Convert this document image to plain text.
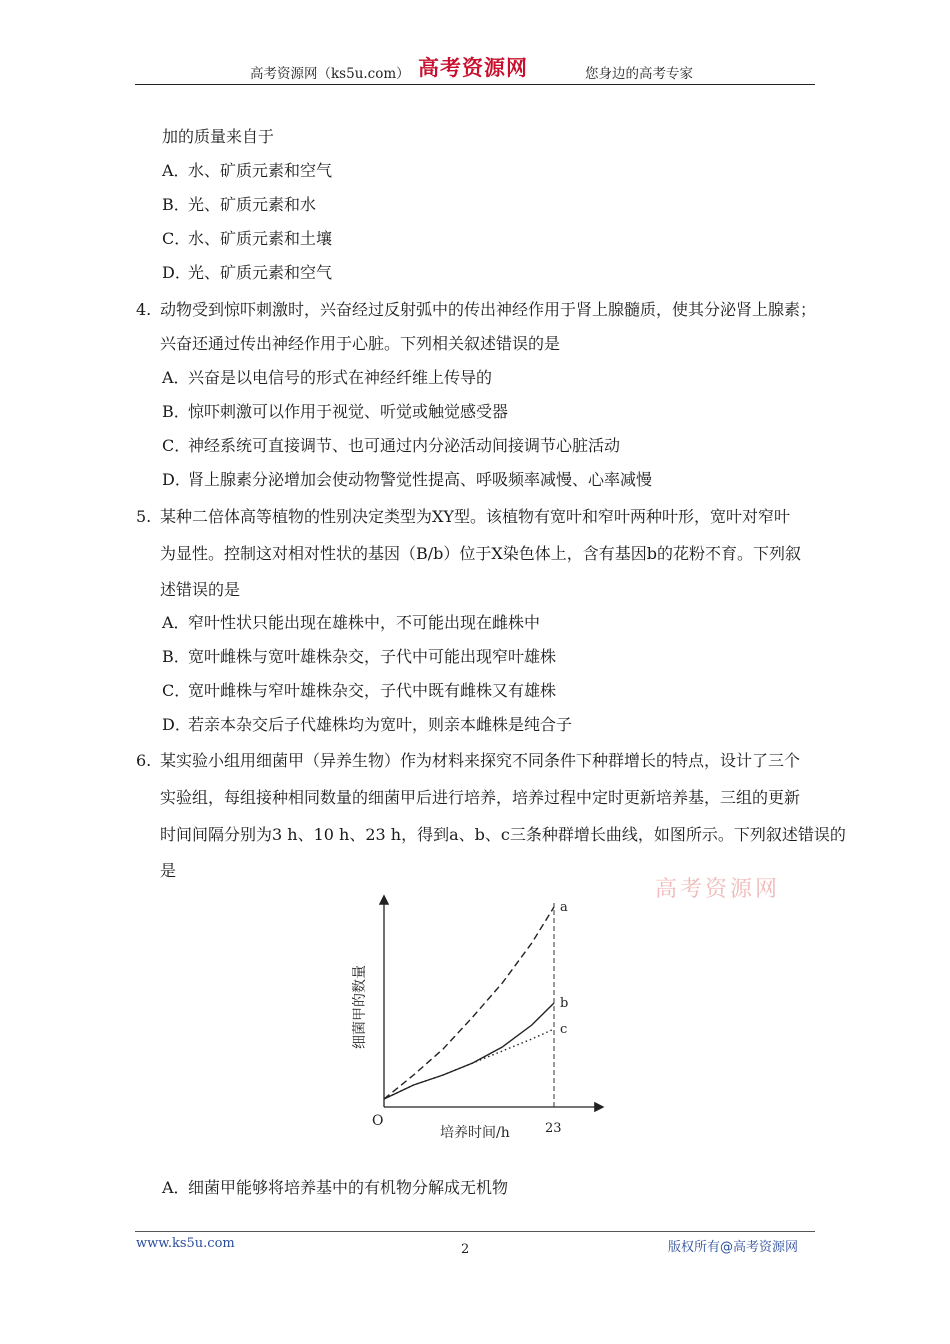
高考资源网（ks5u.com） 高考资源网	您身边的高考专家
加的质量来自于
A．水、矿质元素和空气
B．光、矿质元素和水
C．水、矿质元素和土壤
D．光、矿质元素和空气
4. 动物受到惊吓刺激时，兴奋经过反射弧中的传出神经作用于肾上腺髓质，使其分泌肾上腺素；
兴奋还通过传出神经作用于心脏。下列相关叙述错误的是
A．兴奋是以电信号的形式在神经纤维上传导的
B．惊吓刺激可以作用于视觉、听觉或触觉感受器
C．神经系统可直接调节、也可通过内分泌活动间接调节心脏活动
D．肾上腺素分泌增加会使动物警觉性提高、呼吸频率减慢、心率减慢
5. 某种二倍体高等植物的性别决定类型为XY型。该植物有宽叶和窄叶两种叶形，宽叶对窄叶
为显性。控制这对相对性状的基因（B/b）位于X染色体上，含有基因b的花粉不育。下列叙
述错误的是
A．窄叶性状只能出现在雄株中，不可能出现在雌株中
B．宽叶雌株与宽叶雄株杂交，子代中可能出现窄叶雄株
C．宽叶雌株与窄叶雄株杂交，子代中既有雌株又有雄株
D．若亲本杂交后子代雄株均为宽叶，则亲本雌株是纯合子
6. 某实验小组用细菌甲（异养生物）作为材料来探究不同条件下种群增长的特点，设计了三个
实验组，每组接种相同数量的细菌甲后进行培养，培养过程中定时更新培养基，三组的更新
时间间隔分别为3 h、10 h、23 h，得到a、b、c三条种群增长曲线，如图所示。下列叙述错误的
是
高考资源网
a
b
c
O
培养时间/h	23
细菌甲的数量
A．细菌甲能够将培养基中的有机物分解成无机物
www.ks5u.com	2	版权所有@高考资源网
